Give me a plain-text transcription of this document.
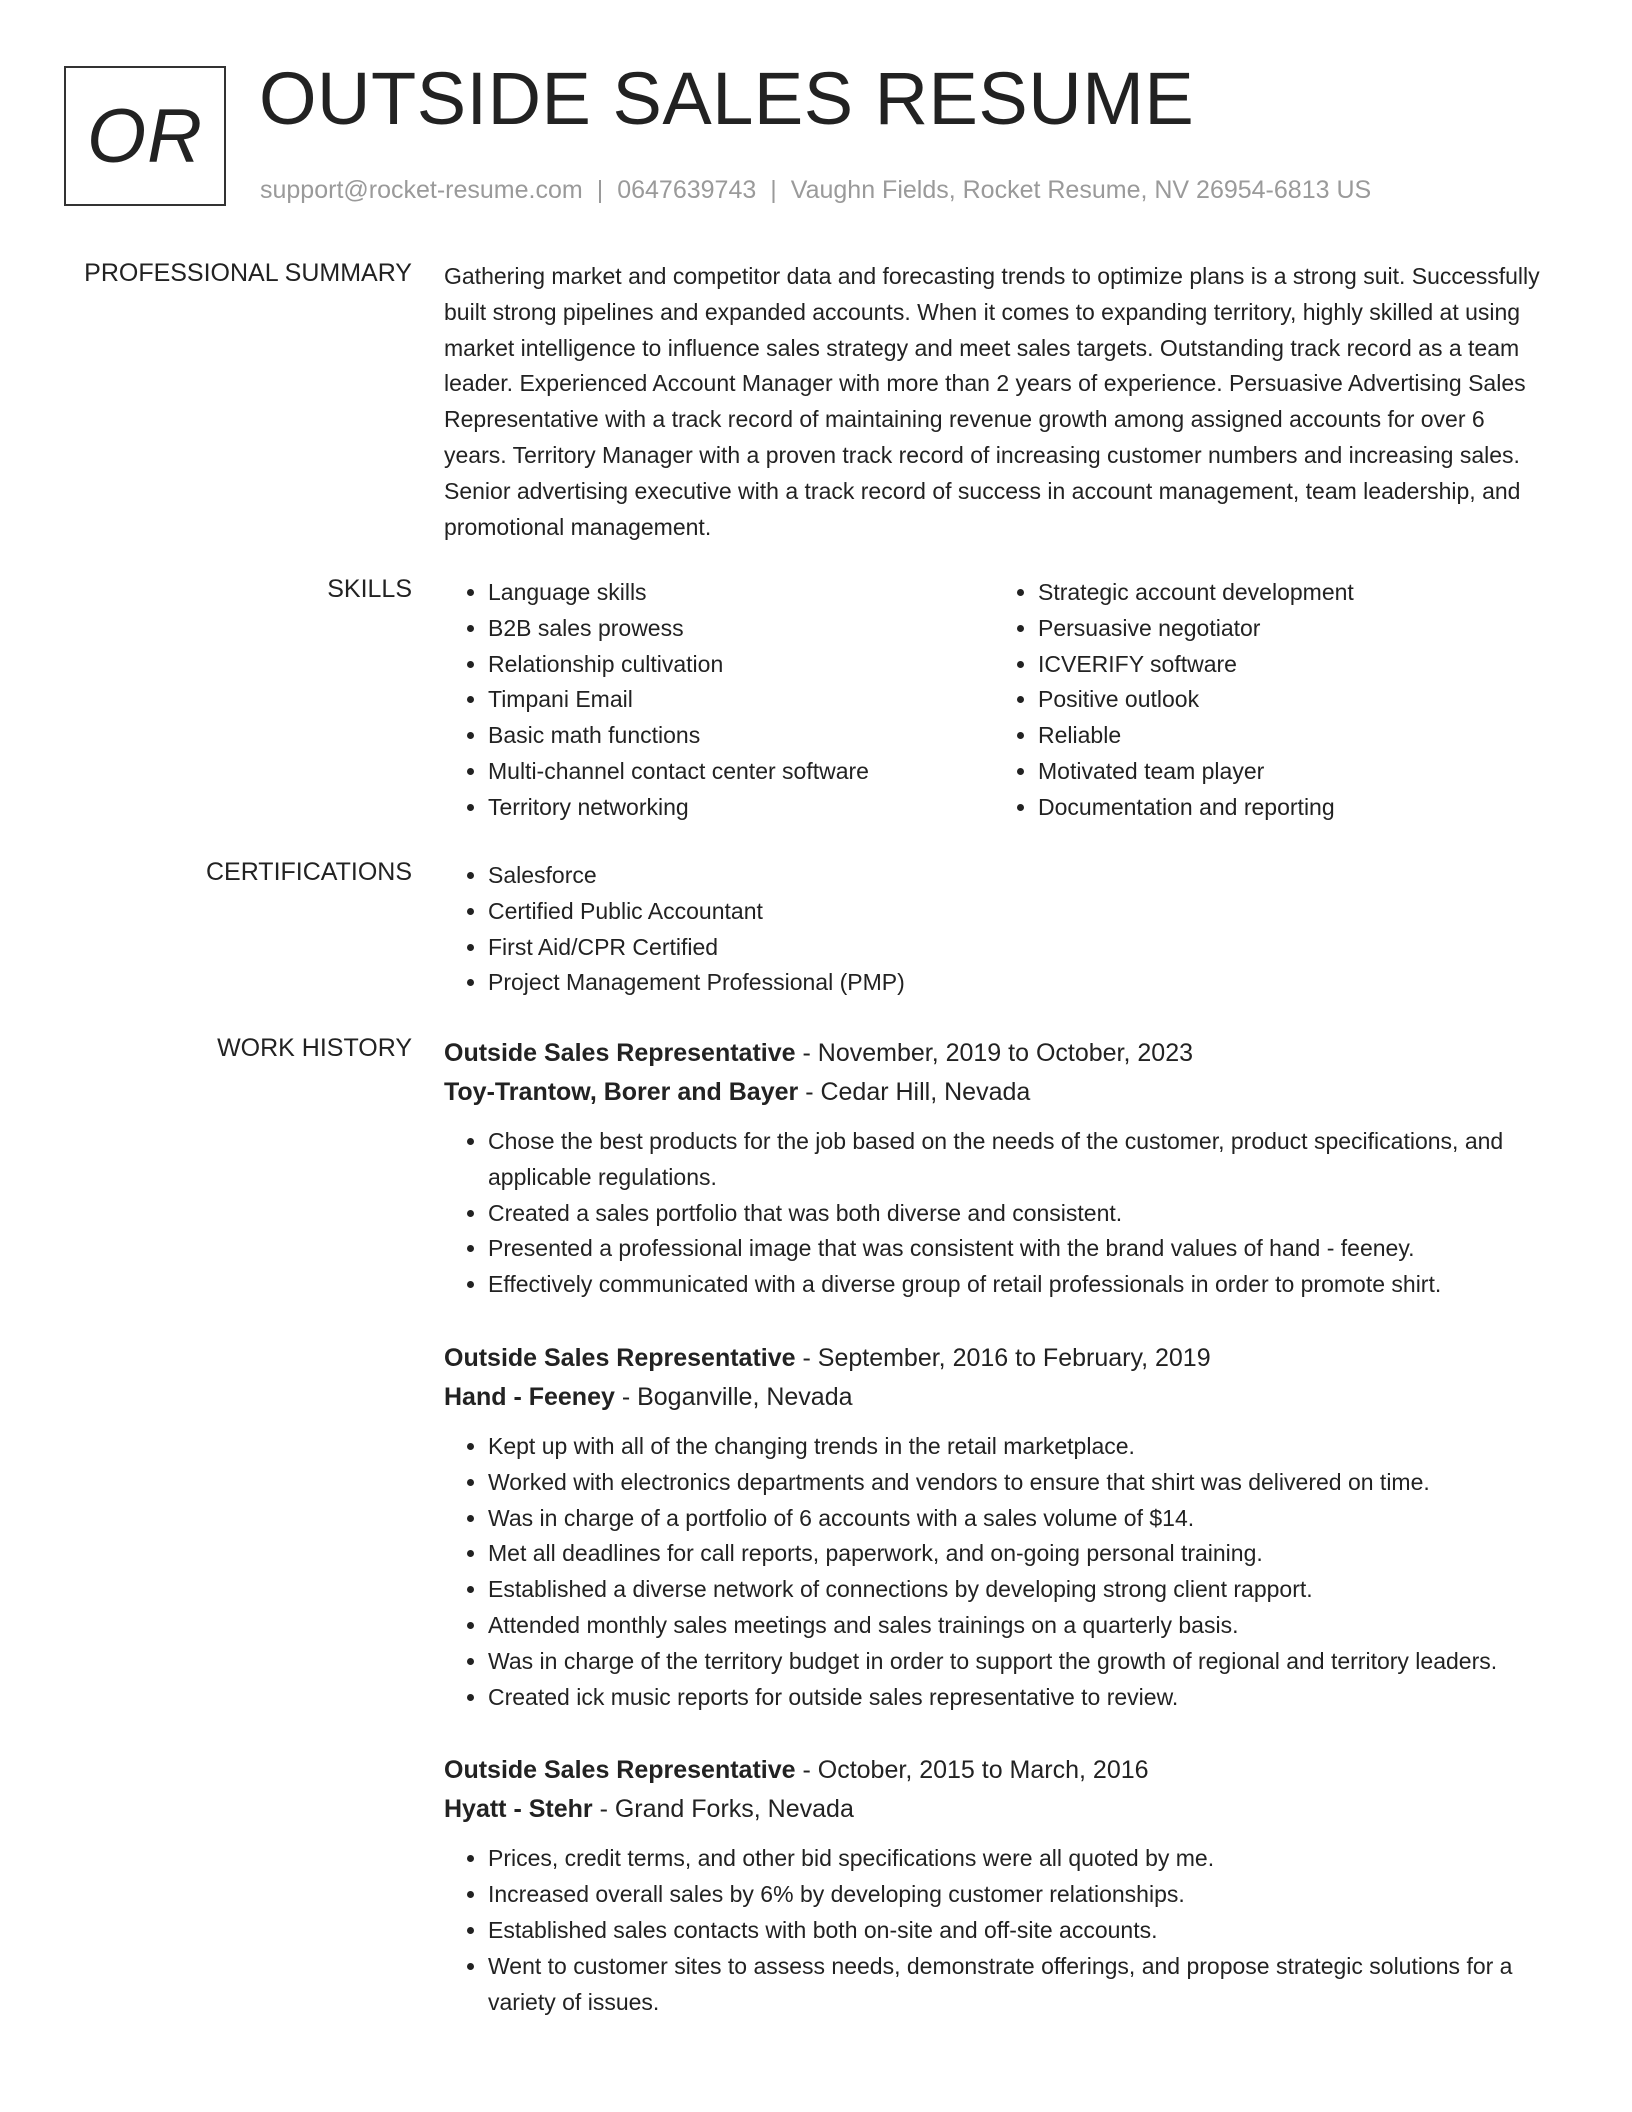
OR OUTSIDE SALES RESUME
support@rocket-resume.com | 0647639743 | Vaughn Fields, Rocket Resume, NV 26954-6813 US
PROFESSIONAL SUMMARY Gathering market and competitor data and forecasting trends to optimize plans is a strong suit. Successfully built strong pipelines and expanded accounts. When it comes to expanding territory, highly skilled at using market intelligence to influence sales strategy and meet sales targets. Outstanding track record as a team leader. Experienced Account Manager with more than 2 years of experience. Persuasive Advertising Sales Representative with a track record of maintaining revenue growth among assigned accounts for over 6 years. Territory Manager with a proven track record of increasing customer numbers and increasing sales. Senior advertising executive with a track record of success in account management, team leadership, and promotional management.

SKILLS	• Language skills
• B2B sales prowess
• Relationship cultivation
• Timpani Email
• Basic math functions
• Multi-channel contact center software
• Territory networking
• Strategic account development
• Persuasive negotiator
• ICVERIFY software
• Positive outlook
• Reliable
• Motivated team player
• Documentation and reporting
CERTIFICATIONS	• Salesforce
• Certified Public Accountant
• First Aid/CPR Certified
• Project Management Professional (PMP)
WORK HISTORY Outside Sales Representative - November, 2019 to October, 2023
Toy-Trantow, Borer and Bayer - Cedar Hill, Nevada
• Chose the best products for the job based on the needs of the customer, product specifications, and applicable regulations.
• Created a sales portfolio that was both diverse and consistent.
• Presented a professional image that was consistent with the brand values of hand - feeney.
• Effectively communicated with a diverse group of retail professionals in order to promote shirt.
Outside Sales Representative - September, 2016 to February, 2019
Hand - Feeney - Boganville, Nevada
• Kept up with all of the changing trends in the retail marketplace.
• Worked with electronics departments and vendors to ensure that shirt was delivered on time.
• Was in charge of a portfolio of 6 accounts with a sales volume of $14.
• Met all deadlines for call reports, paperwork, and on-going personal training.
• Established a diverse network of connections by developing strong client rapport.
• Attended monthly sales meetings and sales trainings on a quarterly basis.
• Was in charge of the territory budget in order to support the growth of regional and territory leaders.
• Created ick music reports for outside sales representative to review.
Outside Sales Representative - October, 2015 to March, 2016
Hyatt - Stehr - Grand Forks, Nevada
• Prices, credit terms, and other bid specifications were all quoted by me.
• Increased overall sales by 6% by developing customer relationships.
• Established sales contacts with both on-site and off-site accounts.
• Went to customer sites to assess needs, demonstrate offerings, and propose strategic solutions for a variety of issues.
